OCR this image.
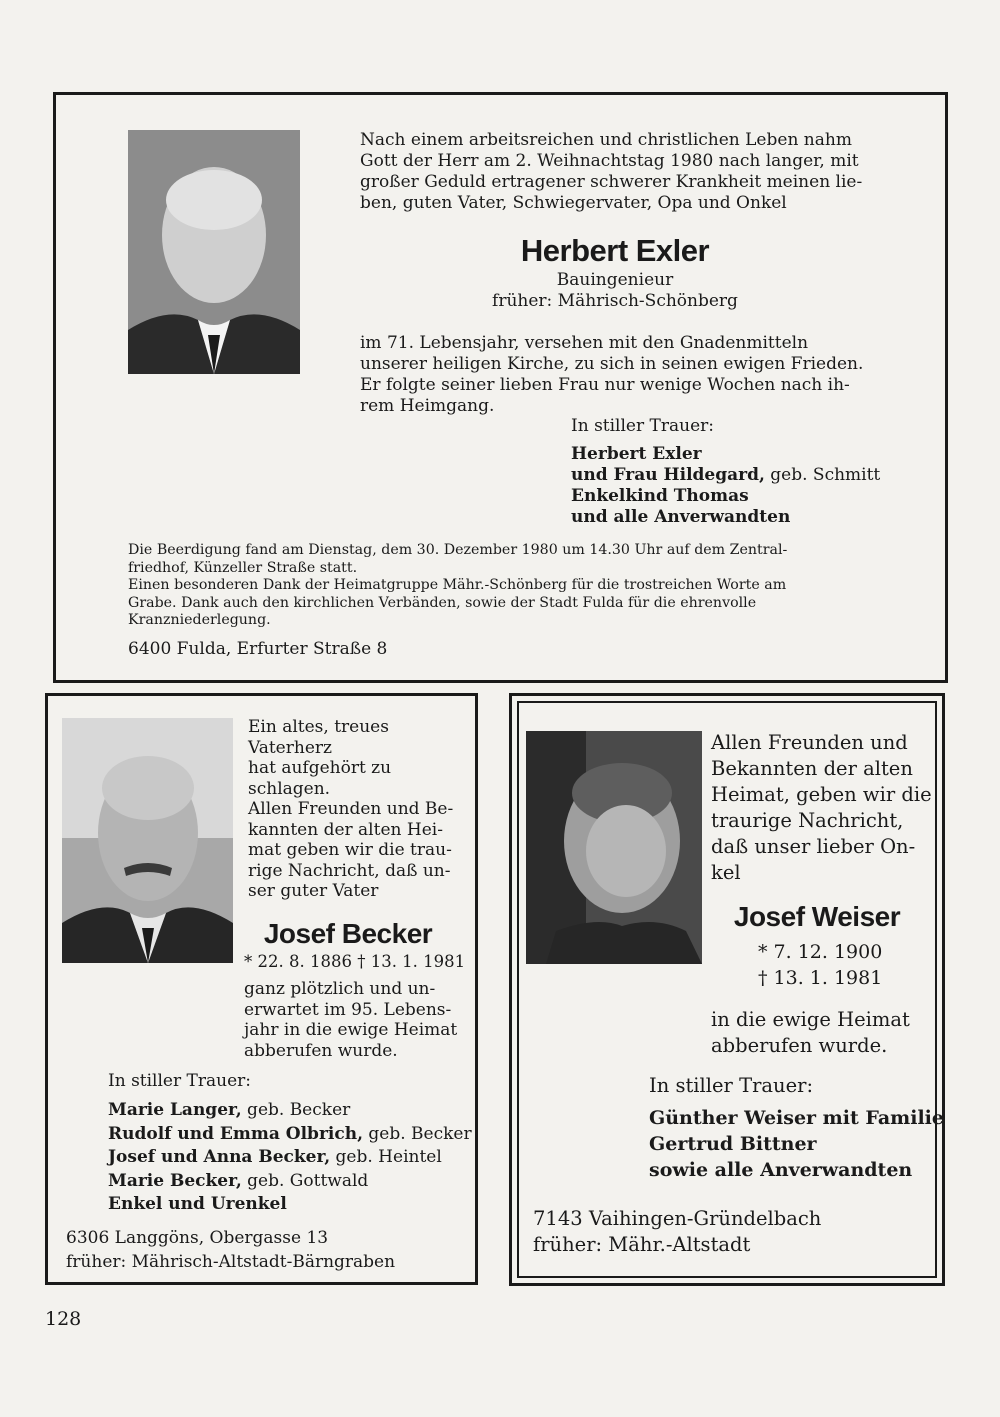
Nach einem arbeitsreichen und christlichen Leben nahm
Gott der Herr am 2. Weihnachtstag 1980 nach langer, mit
großer Geduld ertragener schwerer Krankheit meinen lie-
ben, guten Vater, Schwiegervater, Opa und Onkel
Herbert Exler
Bauingenieur
früher: Mährisch-Schönberg
im 71. Lebensjahr, versehen mit den Gnadenmitteln
unserer heiligen Kirche, zu sich in seinen ewigen Frieden.
Er folgte seiner lieben Frau nur wenige Wochen nach ih-
rem Heimgang.
In stiller Trauer:
Herbert Exler
und Frau Hildegard, geb. Schmitt
Enkelkind Thomas
und alle Anverwandten
Die Beerdigung fand am Dienstag, dem 30. Dezember 1980 um 14.30 Uhr auf dem Zentral-
friedhof, Künzeller Straße statt.
Einen besonderen Dank der Heimatgruppe Mähr.-Schönberg für die trostreichen Worte am
Grabe. Dank auch den kirchlichen Verbänden, sowie der Stadt Fulda für die ehrenvolle
Kranzniederlegung.
6400 Fulda, Erfurter Straße 8
Ein altes, treues
Vaterherz
hat aufgehört zu
schlagen.
Allen Freunden und Be-
kannten der alten Hei-
mat geben wir die trau-
rige Nachricht, daß un-
ser guter Vater
Josef Becker
* 22. 8. 1886 † 13. 1. 1981
ganz plötzlich und un-
erwartet im 95. Lebens-
jahr in die ewige Heimat
abberufen wurde.
In stiller Trauer:
Marie Langer, geb. Becker
Rudolf und Emma Olbrich, geb. Becker
Josef und Anna Becker, geb. Heintel
Marie Becker, geb. Gottwald
Enkel und Urenkel
6306 Langgöns, Obergasse 13
früher: Mährisch-Altstadt-Bärngraben
Allen Freunden und
Bekannten der alten
Heimat, geben wir die
traurige Nachricht,
daß unser lieber On-
kel
Josef Weiser
* 7. 12. 1900
† 13. 1. 1981
in die ewige Heimat
abberufen wurde.
In stiller Trauer:
Günther Weiser mit Familie
Gertrud Bittner
sowie alle Anverwandten
7143 Vaihingen-Gründelbach
früher: Mähr.-Altstadt
128
